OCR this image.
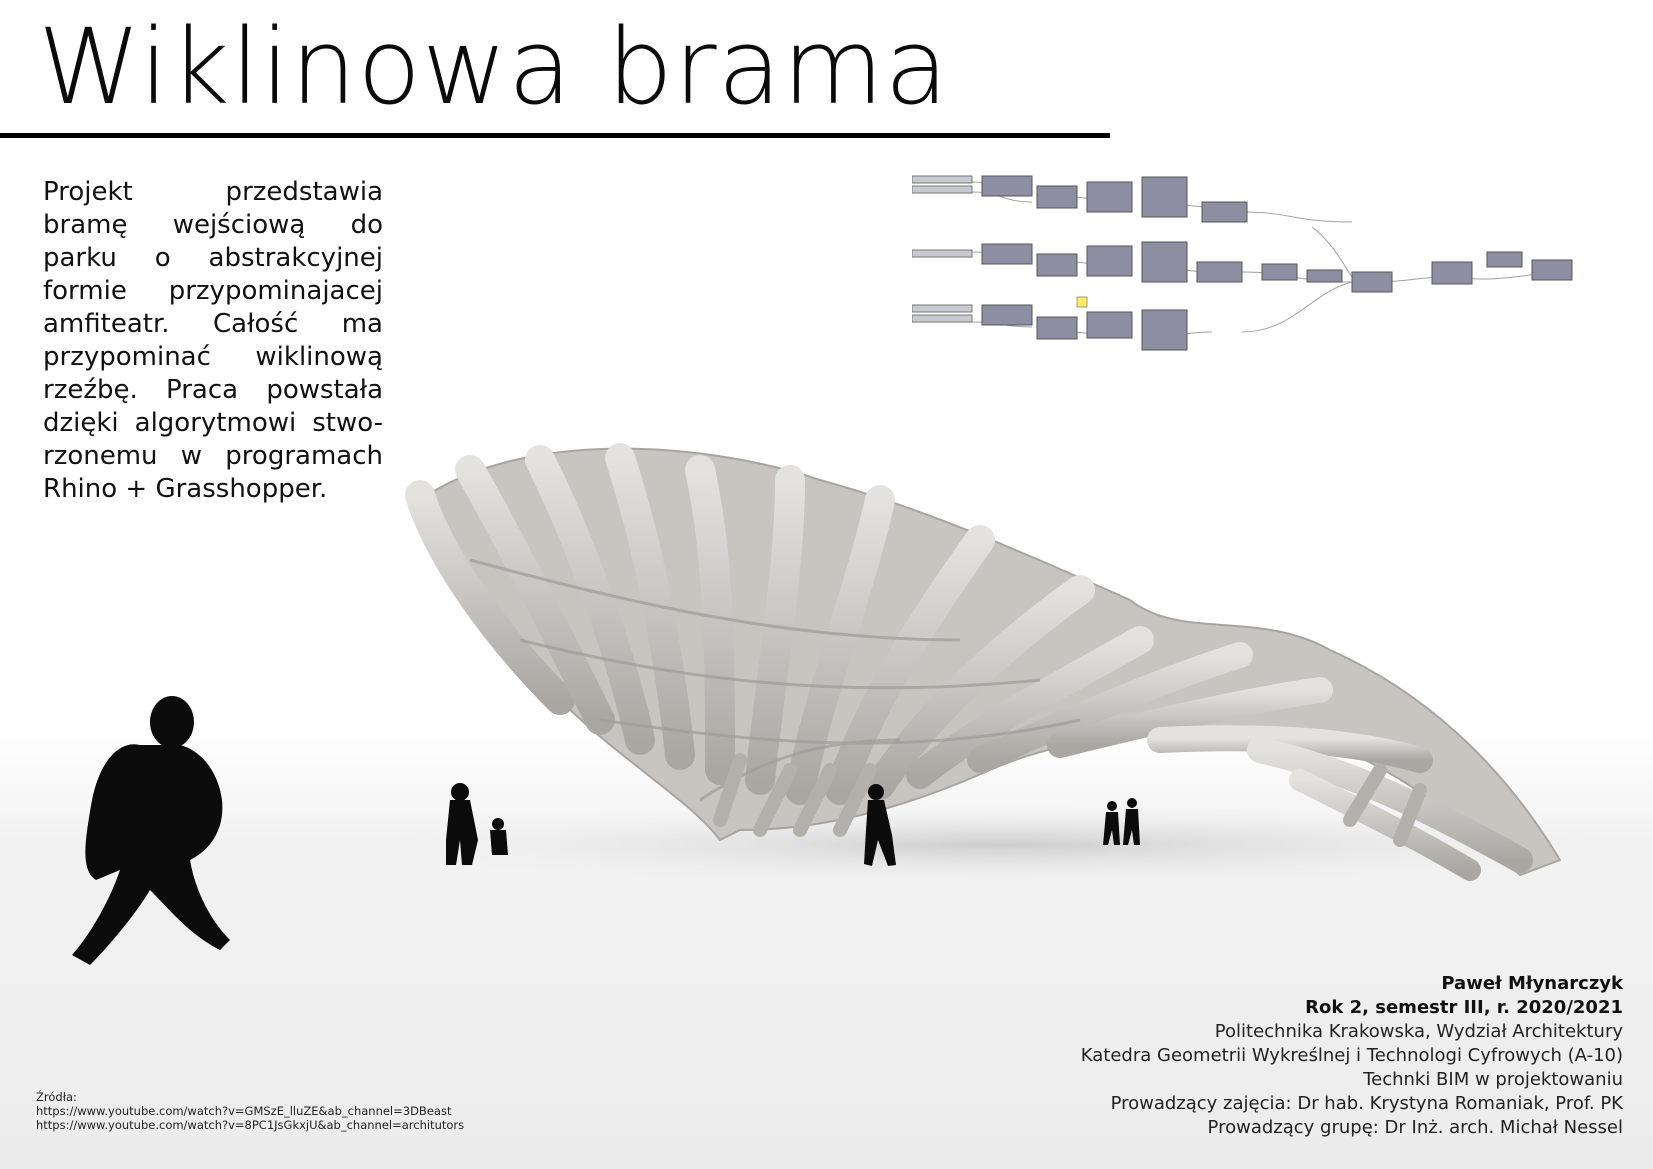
Wiklinowa brama

Projekt przedstawia bramę wejściową do parku o abstrakcyjnej formie przypominajacej amfiteatr. Całość ma przypominać wiklinową rzeźbę. Praca powstała dzięki algorytmowi stwo-rzonemu w programach Rhino + Grasshopper.

Paweł Młynarczyk
Rok 2, semestr III, r. 2020/2021
Politechnika Krakowska, Wydział Architektury
Katedra Geometrii Wykreślnej i Technologi Cyfrowych (A-10)
Technki BIM w projektowaniu
Prowadzący zajęcia: Dr hab. Krystyna Romaniak, Prof. PK
Prowadzący grupę: Dr Inż. arch. Michał Nessel
Źródła:
https://www.youtube.com/watch?v=GMSzE_lluZE&ab_channel=3DBeast
https://www.youtube.com/watch?v=8PC1JsGkxjU&ab_channel=architutors
